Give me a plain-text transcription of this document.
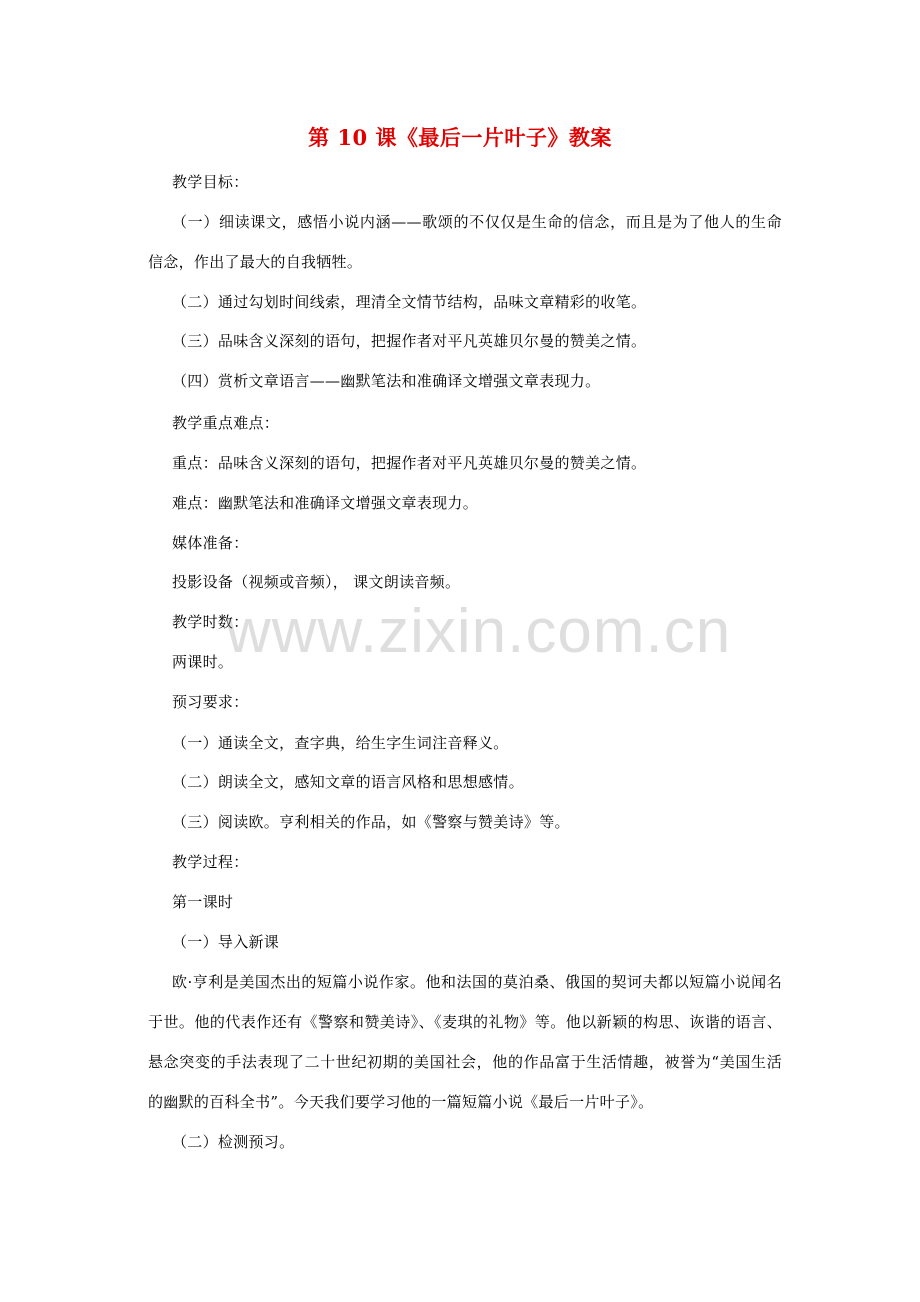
第 10 课《最后一片叶子》教案
教学目标：
（一）细读课文，感悟小说内涵——歌颂的不仅仅是生命的信念，而且是为了他人的生命信念，作出了最大的自我牺牲。
（二）通过勾划时间线索，理清全文情节结构，品味文章精彩的收笔。
（三）品味含义深刻的语句，把握作者对平凡英雄贝尔曼的赞美之情。
（四）赏析文章语言——幽默笔法和准确译文增强文章表现力。
教学重点难点：
重点：品味含义深刻的语句，把握作者对平凡英雄贝尔曼的赞美之情。
难点：幽默笔法和准确译文增强文章表现力。
媒体准备：
投影设备（视频或音频）， 课文朗读音频。
教学时数：
两课时。
预习要求：
（一）通读全文，查字典，给生字生词注音释义。
（二）朗读全文，感知文章的语言风格和思想感情。
（三）阅读欧。亨利相关的作品，如《警察与赞美诗》等。
教学过程：
第一课时
（一）导入新课
欧·亨利是美国杰出的短篇小说作家。他和法国的莫泊桑、俄国的契诃夫都以短篇小说闻名于世。他的代表作还有《警察和赞美诗》、《麦琪的礼物》等。他以新颖的构思、诙谐的语言、悬念突变的手法表现了二十世纪初期的美国社会，他的作品富于生活情趣，被誉为“美国生活的幽默的百科全书”。今天我们要学习他的一篇短篇小说《最后一片叶子》。
（二）检测预习。
www.zixin.com.cn
